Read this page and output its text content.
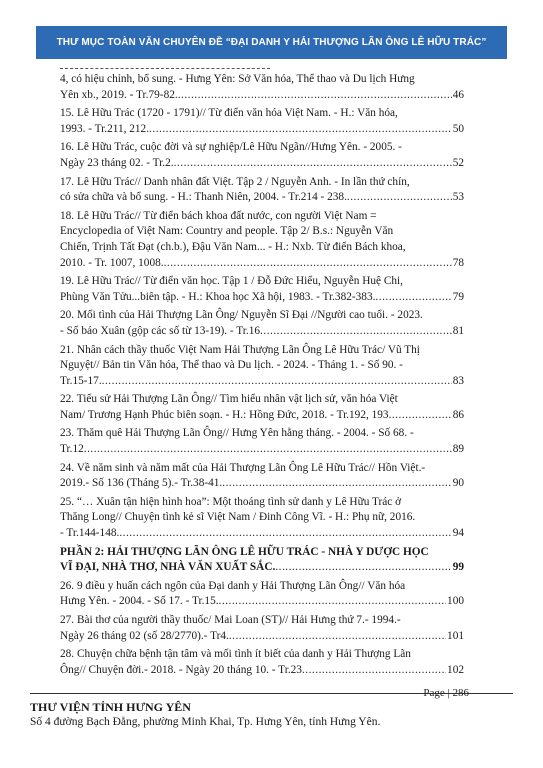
THƯ MỤC TOÀN VĂN CHUYÊN ĐỀ “ĐẠI DANH Y HẢI THƯỢNG LÃN ÔNG LÊ HỮU TRÁC”
4, có hiệu chỉnh, bổ sung. - Hưng Yên: Sở Văn hóa, Thể thao và Du lịch Hưng
Yên xb., 2019. - Tr.79-82. .....	46
15. Lê Hữu Trác (1720 - 1791)// Từ điển văn hóa Việt Nam. - H.: Văn hóa,
1993. - Tr.211, 212. .....	50
16. Lê Hữu Trác, cuộc đời và sự nghiệp/Lê Hữu Ngãn//Hưng Yên. - 2005. -
Ngày 23 tháng 02. - Tr.2. .....	52
17. Lê Hữu Trác// Danh nhân đất Việt. Tập 2 / Nguyễn Anh. - In lần thứ chín,
có sửa chữa và bổ sung. - H.: Thanh Niên, 2004. - Tr.214 - 238. .....	53
18. Lê Hữu Trác// Từ điển bách khoa đất nước, con người Việt Nam =
Encyclopedia of Việt Nam: Country and people. Tập 2/ B.s.: Nguyễn Văn
Chiến, Trịnh Tất Đạt (ch.b.), Đậu Văn Nam... - H.: Nxb. Từ điển Bách khoa,
2010. - Tr. 1007, 1008. .....	78
19. Lê Hữu Trác// Từ điển văn học. Tập 1 / Đỗ Đức Hiểu, Nguyễn Huệ Chi,
Phùng Văn Tửu...biên tập. - H.: Khoa học Xã hội, 1983. - Tr.382-383. .....	79
20. Mối tình của Hải Thượng Lãn Ông/ Nguyễn Sĩ Đại //Người cao tuổi. - 2023.
- Số báo Xuân (gộp các số từ 13-19). - Tr.16 .....	81
21. Nhân cách thầy thuốc Việt Nam Hải Thượng Lãn Ông Lê Hữu Trác/ Vũ Thị
Nguyệt// Bản tin Văn hóa, Thể thao và Du lịch. - 2024. - Tháng 1. - Số 90. -
Tr.15-17. .....	83
22. Tiểu sử Hải Thượng Lãn Ông// Tìm hiểu nhân vật lịch sử, văn hóa Việt
Nam/ Trương Hạnh Phúc biên soạn. - H.: Hồng Đức, 2018. - Tr.192, 193 .....	86
23. Thăm quê Hải Thượng Lãn Ông// Hưng Yên hằng tháng. - 2004. - Số 68. -
Tr.12 .....	89
24. Về năm sinh và năm mất của Hải Thượng Lãn Ông Lê Hữu Trác// Hồn Việt.-
2019.- Số 136 (Tháng 5).- Tr.38-41. .....	90
25. “… Xuân tận hiện hình hoa”: Một thoáng tình sử danh y Lê Hữu Trác ở
Thăng Long// Chuyện tình kẻ sĩ Việt Nam / Đinh Công Vĩ. - H.: Phụ nữ, 2016.
- Tr.144-148. .....	94
PHẦN 2: HẢI THƯỢNG LÃN ÔNG LÊ HỮU TRÁC - NHÀ Y DƯỢC HỌC
VĨ ĐẠI, NHÀ THƠ, NHÀ VĂN XUẤT SẮC. .....	99
26. 9 điều y huấn cách ngôn của Đại danh y Hải Thượng Lãn Ông// Văn hóa
Hưng Yên. - 2004. - Số 17. - Tr.15. .....	100
27. Bài thơ của người thầy thuốc/ Mai Loan (ST)// Hải Hưng thứ 7.- 1994.-
Ngày 26 tháng 02 (số 28/2770).- Tr4. .....	101
28. Chuyện chữa bệnh tận tâm và mối tình ít biết của danh y Hải Thượng Lãn
Ông// Chuyện đời.- 2018. - Ngày 20 tháng 10. - Tr.23 .....	102
Page | 286
THƯ VIỆN TỈNH HƯNG YÊN
Số 4 đường Bạch Đằng, phường Minh Khai, Tp. Hưng Yên, tỉnh Hưng Yên.
